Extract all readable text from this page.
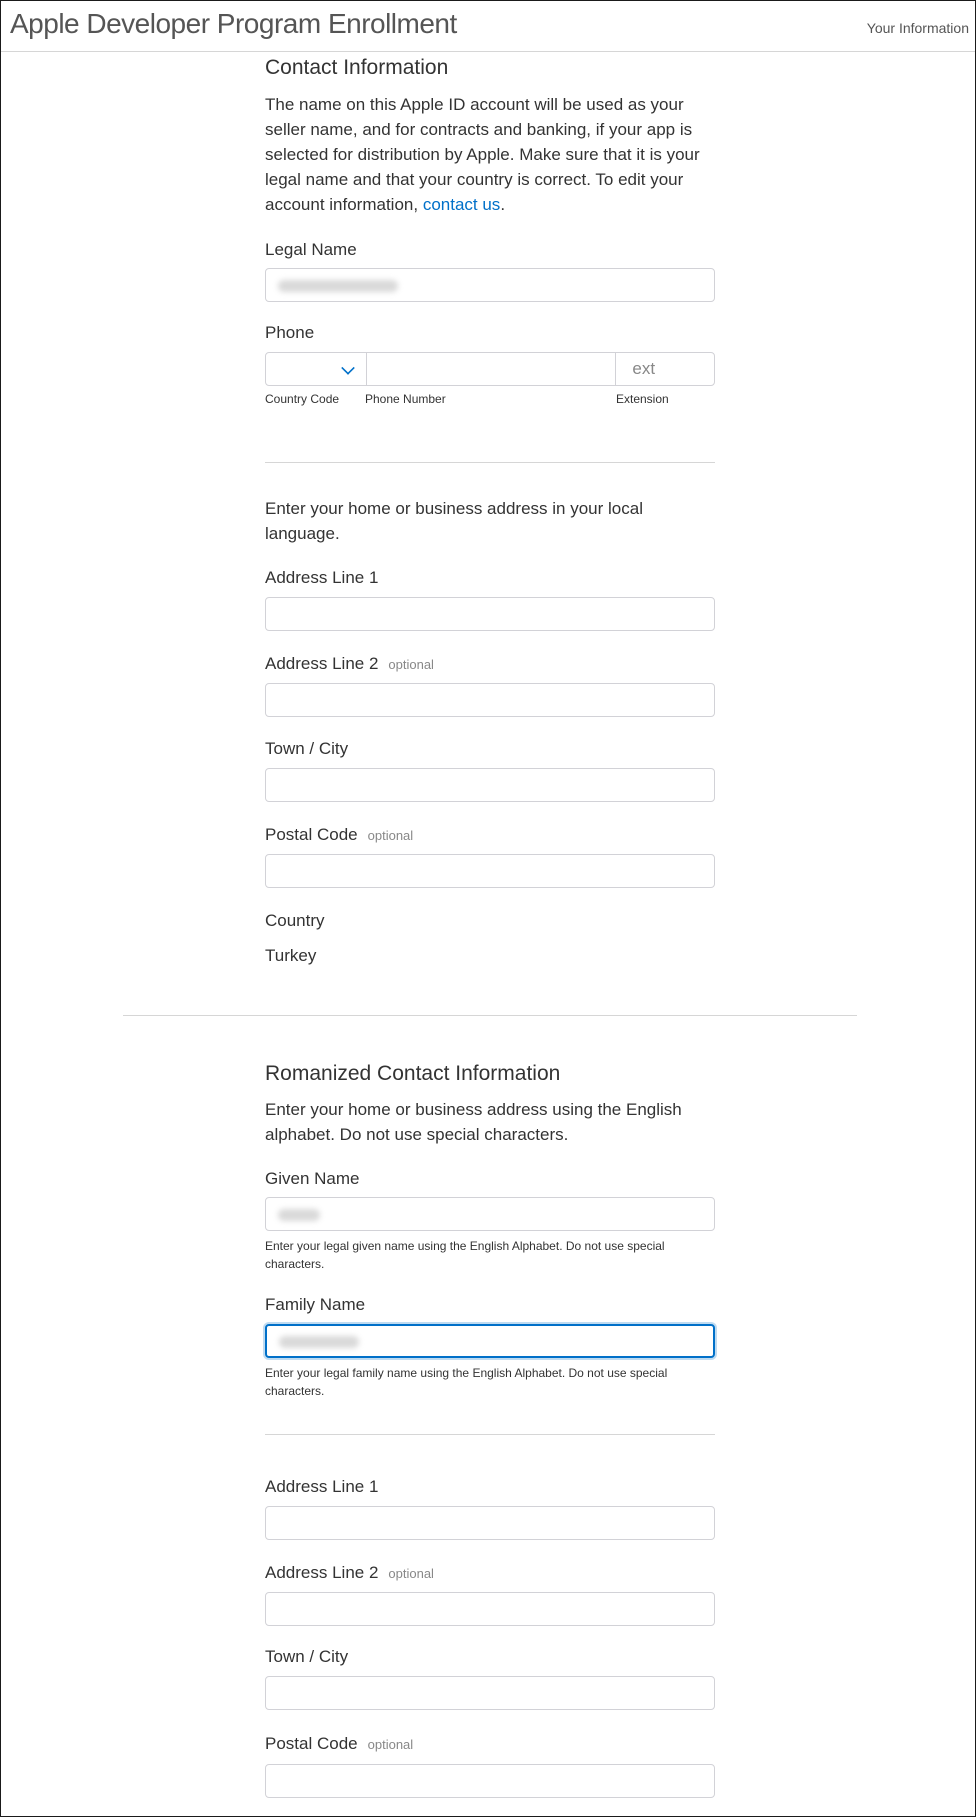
Apple Developer Program Enrollment	Your Information
Contact Information

The name on this Apple ID account will be used as your seller name, and for contracts and banking, if your app is selected for distribution by Apple. Make sure that it is your legal name and that your country is correct. To edit your account information, contact us.

Legal Name
Phone
ext
Country Code Phone Number	Extension

Enter your home or business address in your local language.

Address Line 1
Address Line 2 optional
Town / City
Postal Code optional
Country
Turkey
Romanized Contact Information

Enter your home or business address using the English alphabet. Do not use special characters.

Given Name
Enter your legal given name using the English Alphabet. Do not use special characters.
Family Name
Enter your legal family name using the English Alphabet. Do not use special characters.
Address Line 1
Address Line 2 optional
Town / City
Postal Code optional
